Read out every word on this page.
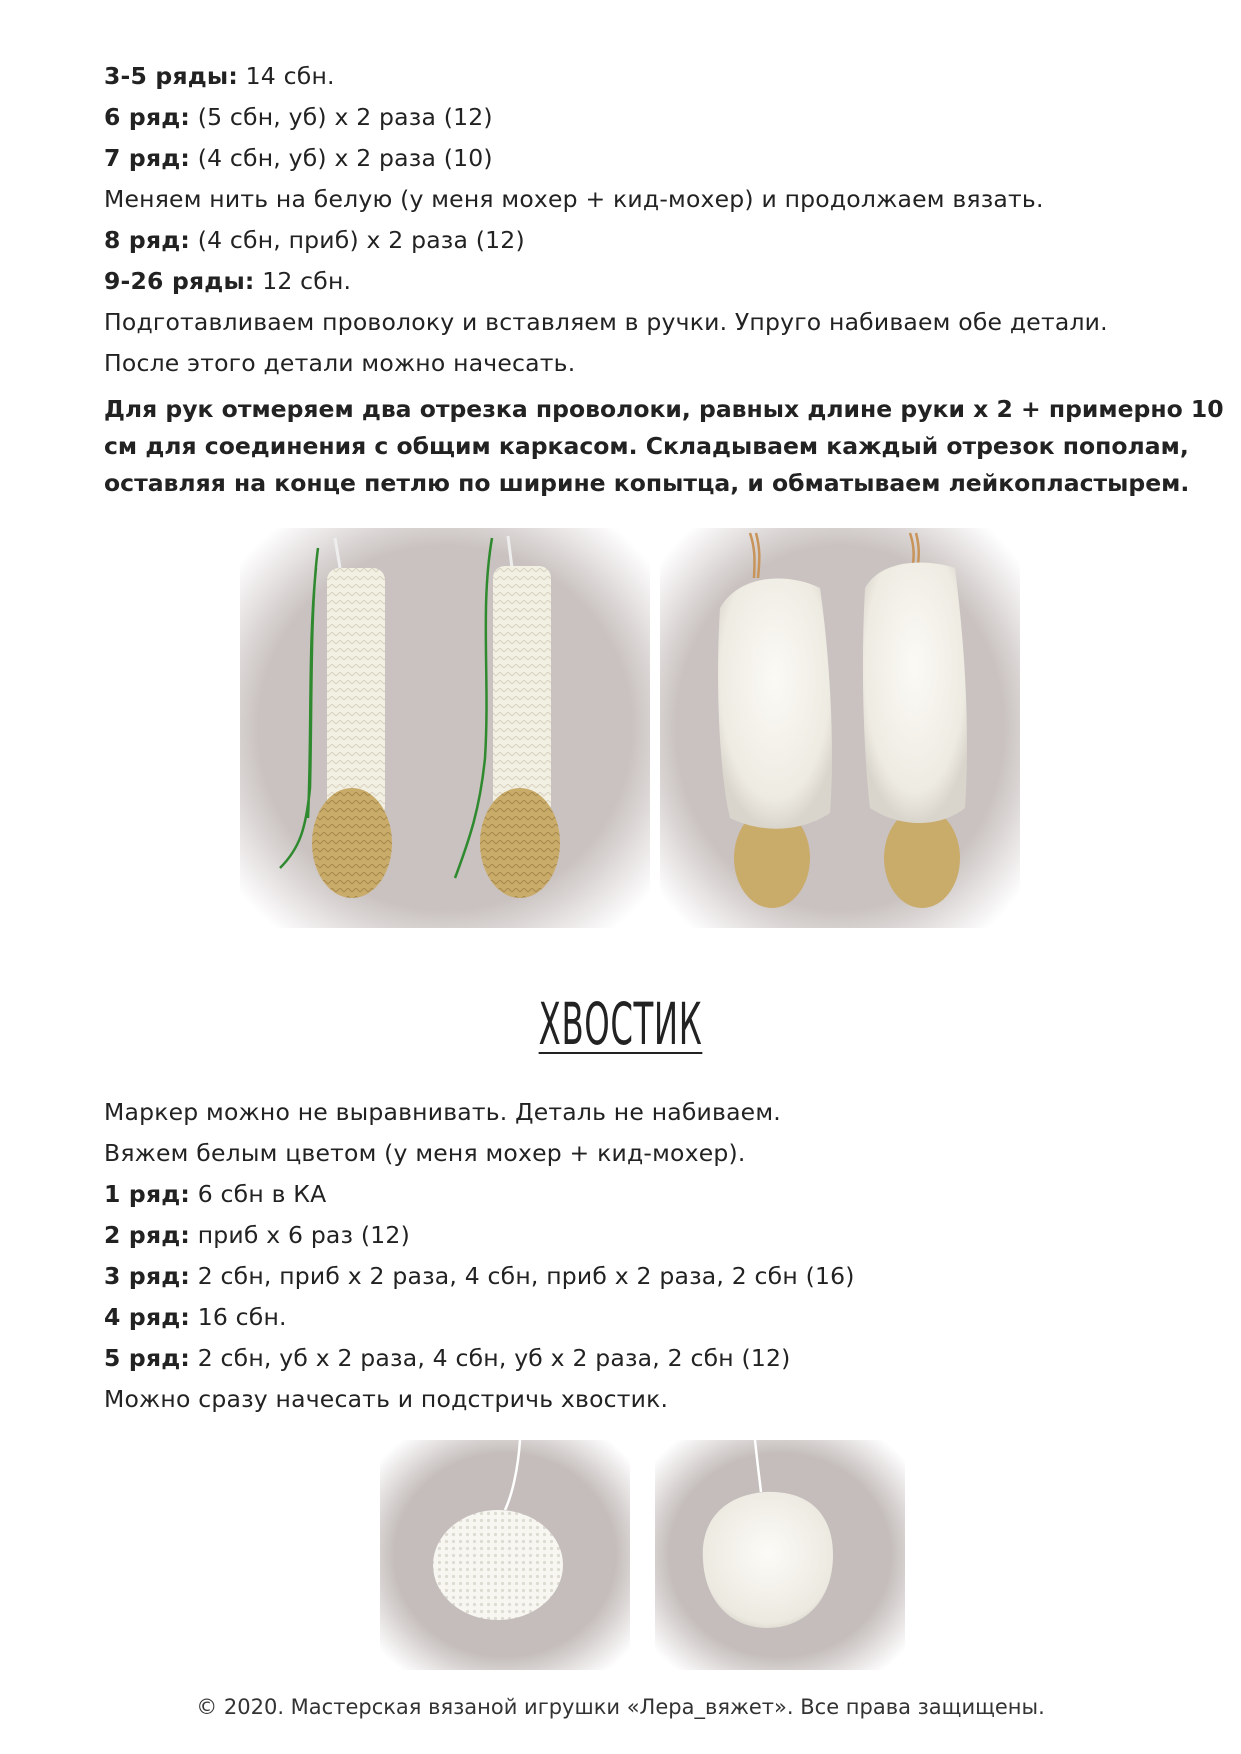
3-5 ряды: 14 сбн.
6 ряд: (5 сбн, уб) х 2 раза (12)
7 ряд: (4 сбн, уб) х 2 раза (10)
Меняем нить на белую (у меня мохер + кид-мохер) и продолжаем вязать.
8 ряд: (4 сбн, приб) х 2 раза (12)
9-26 ряды: 12 сбн.
Подготавливаем проволоку и вставляем в ручки. Упруго набиваем обе детали.
После этого детали можно начесать.
Для рук отмеряем два отрезка проволоки, равных длине руки х 2 + примерно 10
см для соединения с общим каркасом. Складываем каждый отрезок пополам,
оставляя на конце петлю по ширине копытца, и обматываем лейкопластырем.
ХВОСТИК
Маркер можно не выравнивать. Деталь не набиваем.
Вяжем белым цветом (у меня мохер + кид-мохер).
1 ряд: 6 сбн в КА
2 ряд: приб х 6 раз (12)
3 ряд: 2 сбн, приб х 2 раза, 4 сбн, приб х 2 раза, 2 сбн (16)
4 ряд: 16 сбн.
5 ряд: 2 сбн, уб х 2 раза, 4 сбн, уб х 2 раза, 2 сбн (12)
Можно сразу начесать и подстричь хвостик.
© 2020. Мастерская вязаной игрушки «Лера_вяжет». Все права защищены.
